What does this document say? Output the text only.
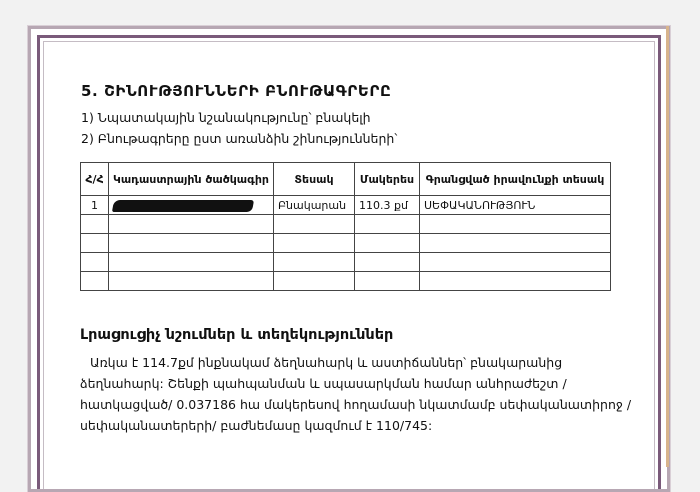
5. ՇԻՆՈՒԹՅՈՒՆՆԵՐԻ ԲՆՈՒԹԱԳՐԵՐԸ
1) Նպատակային նշանակությունը՝ բնակելի
2) Բնութագրերը ըստ առանձին շինությունների՝
Հ/Հ	Կադաստրային ծածկագիր	Տեսակ	Մակերես	Գրանցված իրավունքի տեսակ
1		Բնակարան	110.3 քմ	ՍԵՓԱԿԱՆՈՒԹՅՈՒՆ

Լրացուցիչ նշումներ և տեղեկություններ
Առկա է 114.7քմ ինքնակամ ձեղնահարկ և աստիճաններ՝ բնակարանից ձեղնահարկ: Շենքի պահպանման և սպասարկման համար անհրաժեշտ /հատկացված/ 0.037186 հա մակերեսով հողամասի նկատմամբ սեփականատիրոջ /սեփականատերերի/ բաժնեմասը կազմում է 110/745:
